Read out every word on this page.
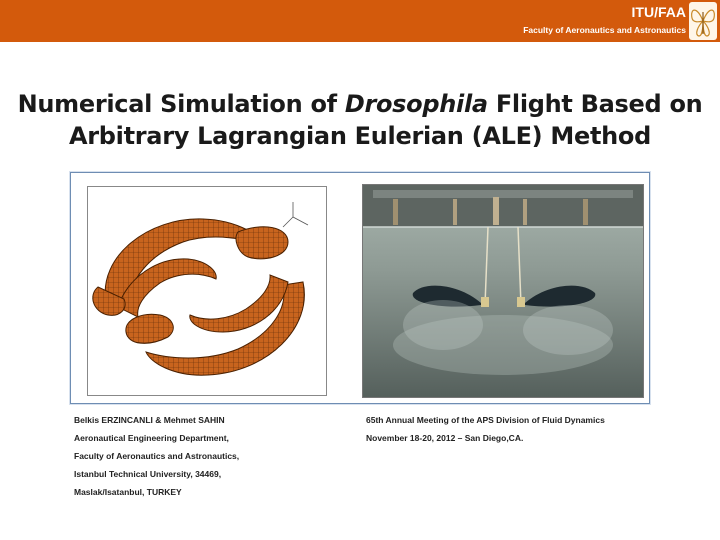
ITU/FAA
Faculty of Aeronautics and Astronautics
Numerical Simulation of Drosophila Flight Based on
Arbitrary Lagrangian Eulerian (ALE) Method
Belkis ERZINCANLI & Mehmet SAHIN
Aeronautical Engineering Department,
Faculty of Aeronautics and Astronautics,
Istanbul Technical University, 34469,
Maslak/Isatanbul, TURKEY
65th Annual Meeting of the APS Division of Fluid Dynamics
November 18-20, 2012 – San Diego,CA.
